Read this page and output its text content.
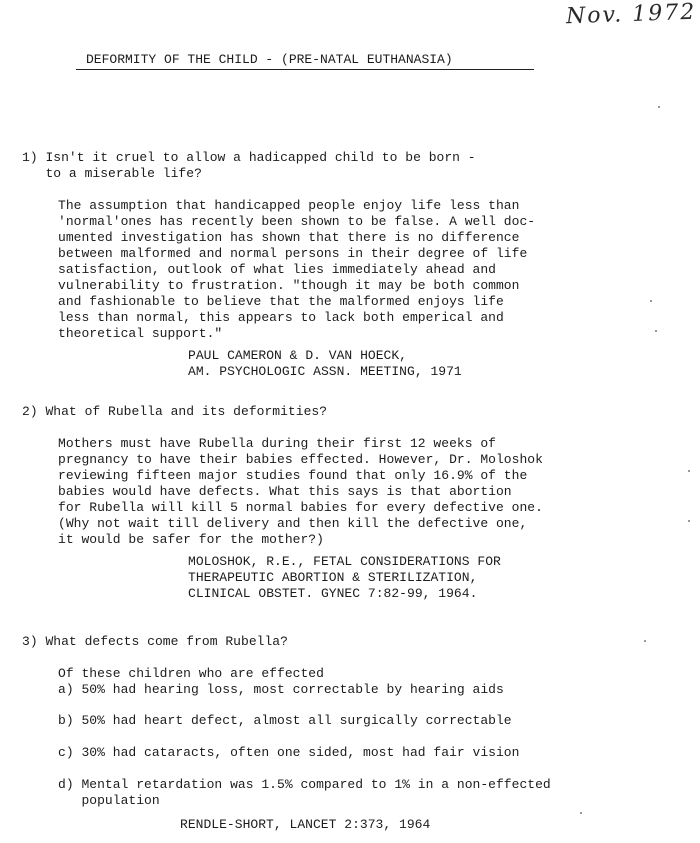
Nov. 1972
DEFORMITY OF THE CHILD - (PRE-NATAL EUTHANASIA)
1) Isn't it cruel to allow a hadicapped child to be born -
to a miserable life?
The assumption that handicapped people enjoy life less than
'normal'ones has recently been shown to be false. A well doc-
umented investigation has shown that there is no difference
between malformed and normal persons in their degree of life
satisfaction, outlook of what lies immediately ahead and
vulnerability to frustration. "though it may be both common
and fashionable to believe that the malformed enjoys life
less than normal, this appears to lack both emperical and
theoretical support."
PAUL CAMERON & D. VAN HOECK,
AM. PSYCHOLOGIC ASSN. MEETING, 1971
2) What of Rubella and its deformities?
Mothers must have Rubella during their first 12 weeks of
pregnancy to have their babies effected. However, Dr. Moloshok
reviewing fifteen major studies found that only 16.9% of the
babies would have defects. What this says is that abortion
for Rubella will kill 5 normal babies for every defective one.
(Why not wait till delivery and then kill the defective one,
it would be safer for the mother?)
MOLOSHOK, R.E., FETAL CONSIDERATIONS FOR
THERAPEUTIC ABORTION & STERILIZATION,
CLINICAL OBSTET. GYNEC 7:82-99, 1964.
3) What defects come from Rubella?
Of these children who are effected
a) 50% had hearing loss, most correctable by hearing aids
b) 50% had heart defect, almost all surgically correctable
c) 30% had cataracts, often one sided, most had fair vision
d) Mental retardation was 1.5% compared to 1% in a non-effected
population
RENDLE-SHORT, LANCET 2:373, 1964
